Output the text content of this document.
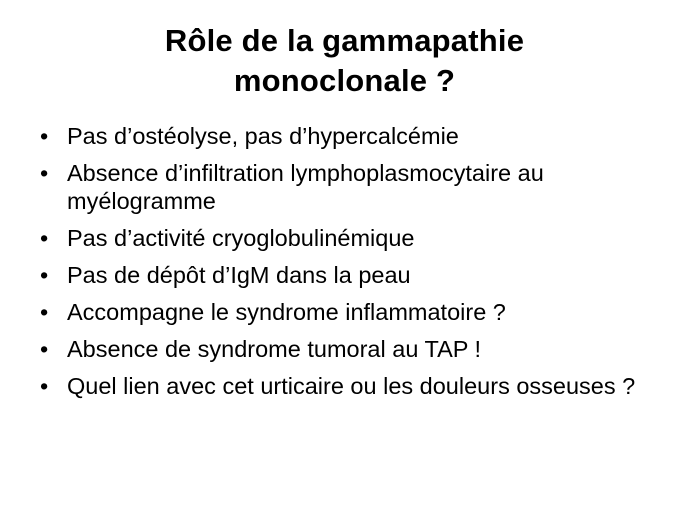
Rôle de la gammapathie
monoclonale ?
• Pas d’ostéolyse, pas d’hypercalcémie
• Absence d’infiltration lymphoplasmocytaire au myélogramme
• Pas d’activité cryoglobulinémique
• Pas de dépôt d’IgM dans la peau
• Accompagne le syndrome inflammatoire ?
• Absence de syndrome tumoral au TAP !
• Quel lien avec cet urticaire ou les douleurs osseuses ?
